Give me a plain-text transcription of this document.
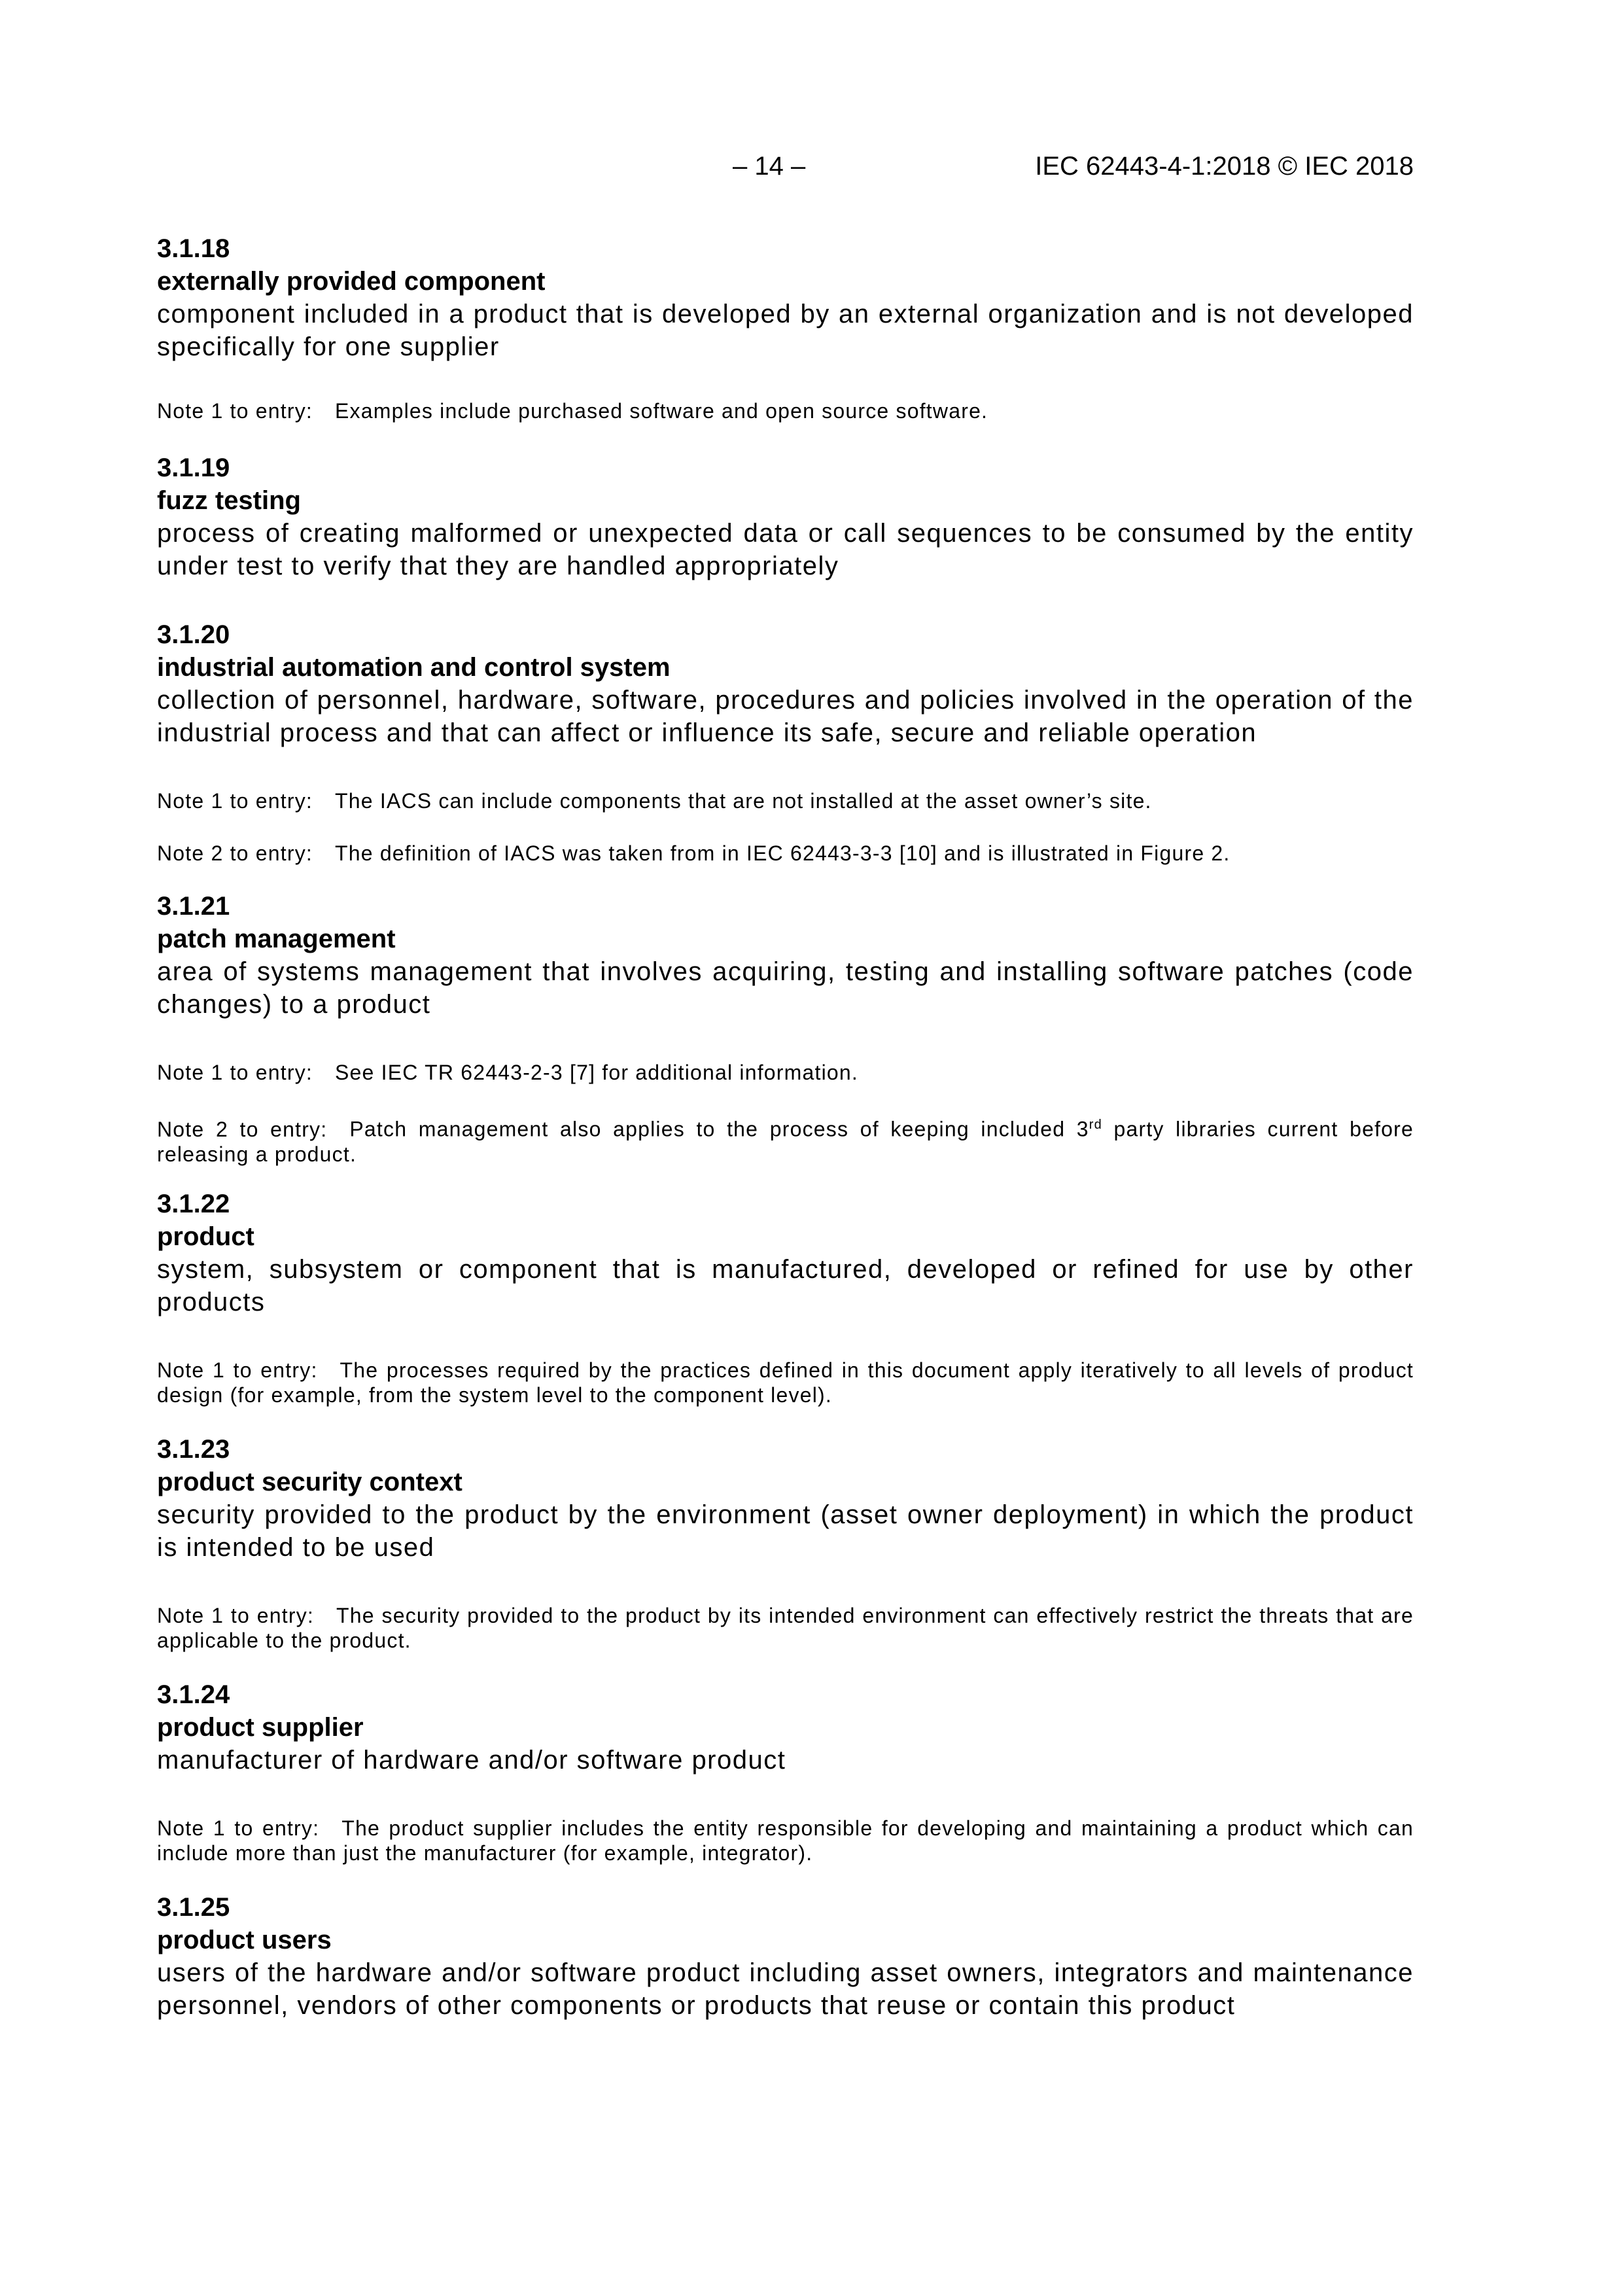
– 14 –	IEC 62443-4-1:2018 © IEC 2018
3.1.18
externally provided component
component included in a product that is developed by an external organization and is not developed specifically for one supplier
Note 1 to entry: Examples include purchased software and open source software.
3.1.19
fuzz testing
process of creating malformed or unexpected data or call sequences to be consumed by the entity under test to verify that they are handled appropriately
3.1.20
industrial automation and control system
collection of personnel, hardware, software, procedures and policies involved in the operation of the industrial process and that can affect or influence its safe, secure and reliable operation
Note 1 to entry: The IACS can include components that are not installed at the asset owner’s site.
Note 2 to entry: The definition of IACS was taken from in IEC 62443-3-3 [10] and is illustrated in Figure 2.
3.1.21
patch management
area of systems management that involves acquiring, testing and installing software patches (code changes) to a product
Note 1 to entry: See IEC TR 62443-2-3 [7] for additional information.
Note 2 to entry: Patch management also applies to the process of keeping included 3rd party libraries current before releasing a product.
3.1.22
product
system, subsystem or component that is manufactured, developed or refined for use by other products
Note 1 to entry: The processes required by the practices defined in this document apply iteratively to all levels of product design (for example, from the system level to the component level).
3.1.23
product security context
security provided to the product by the environment (asset owner deployment) in which the product is intended to be used
Note 1 to entry: The security provided to the product by its intended environment can effectively restrict the threats that are applicable to the product.
3.1.24
product supplier
manufacturer of hardware and/or software product
Note 1 to entry: The product supplier includes the entity responsible for developing and maintaining a product which can include more than just the manufacturer (for example, integrator).
3.1.25
product users
users of the hardware and/or software product including asset owners, integrators and maintenance personnel, vendors of other components or products that reuse or contain this product
